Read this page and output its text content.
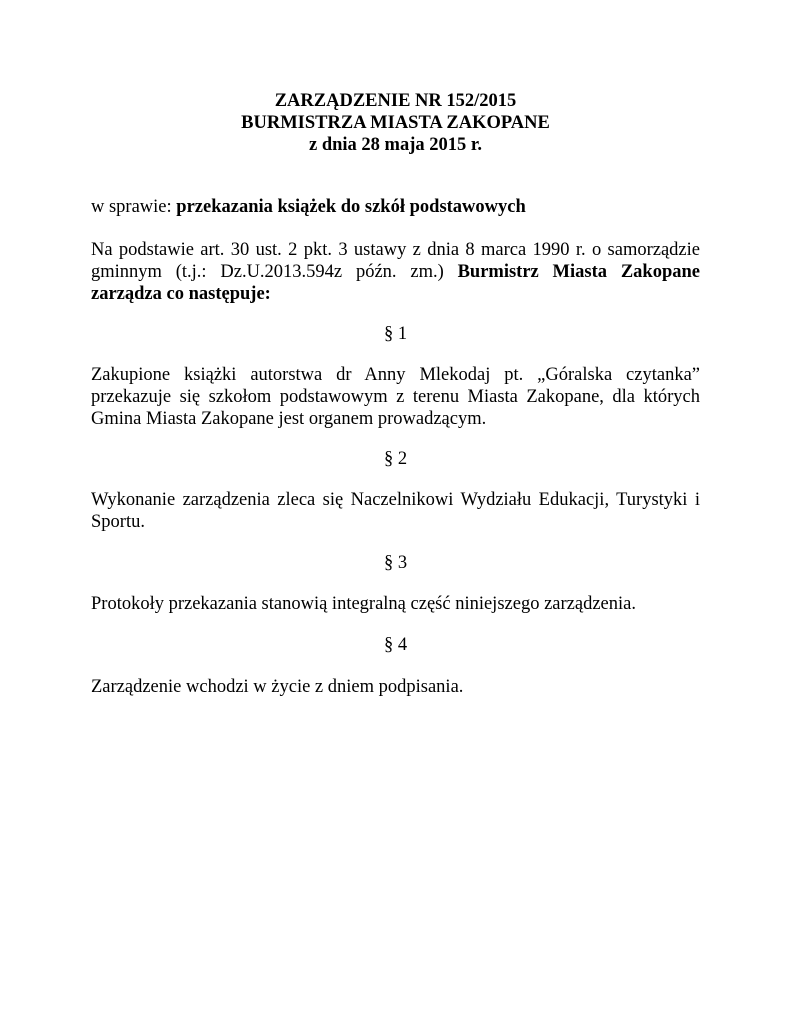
ZARZĄDZENIE NR 152/2015
BURMISTRZA MIASTA ZAKOPANE
z dnia 28 maja 2015 r.
w sprawie: przekazania książek do szkół podstawowych
Na podstawie art. 30 ust. 2 pkt. 3 ustawy z dnia 8 marca 1990 r. o samorządzie gminnym (t.j.: Dz.U.2013.594z późn. zm.) Burmistrz Miasta Zakopane zarządza co następuje:
§ 1
Zakupione książki autorstwa dr Anny Mlekodaj pt. „Góralska czytanka” przekazuje się szkołom podstawowym z terenu Miasta Zakopane, dla których Gmina Miasta Zakopane jest organem prowadzącym.
§ 2
Wykonanie zarządzenia zleca się Naczelnikowi Wydziału Edukacji, Turystyki i Sportu.
§ 3
Protokoły przekazania stanowią integralną część niniejszego zarządzenia.
§ 4
Zarządzenie wchodzi w życie z dniem podpisania.
